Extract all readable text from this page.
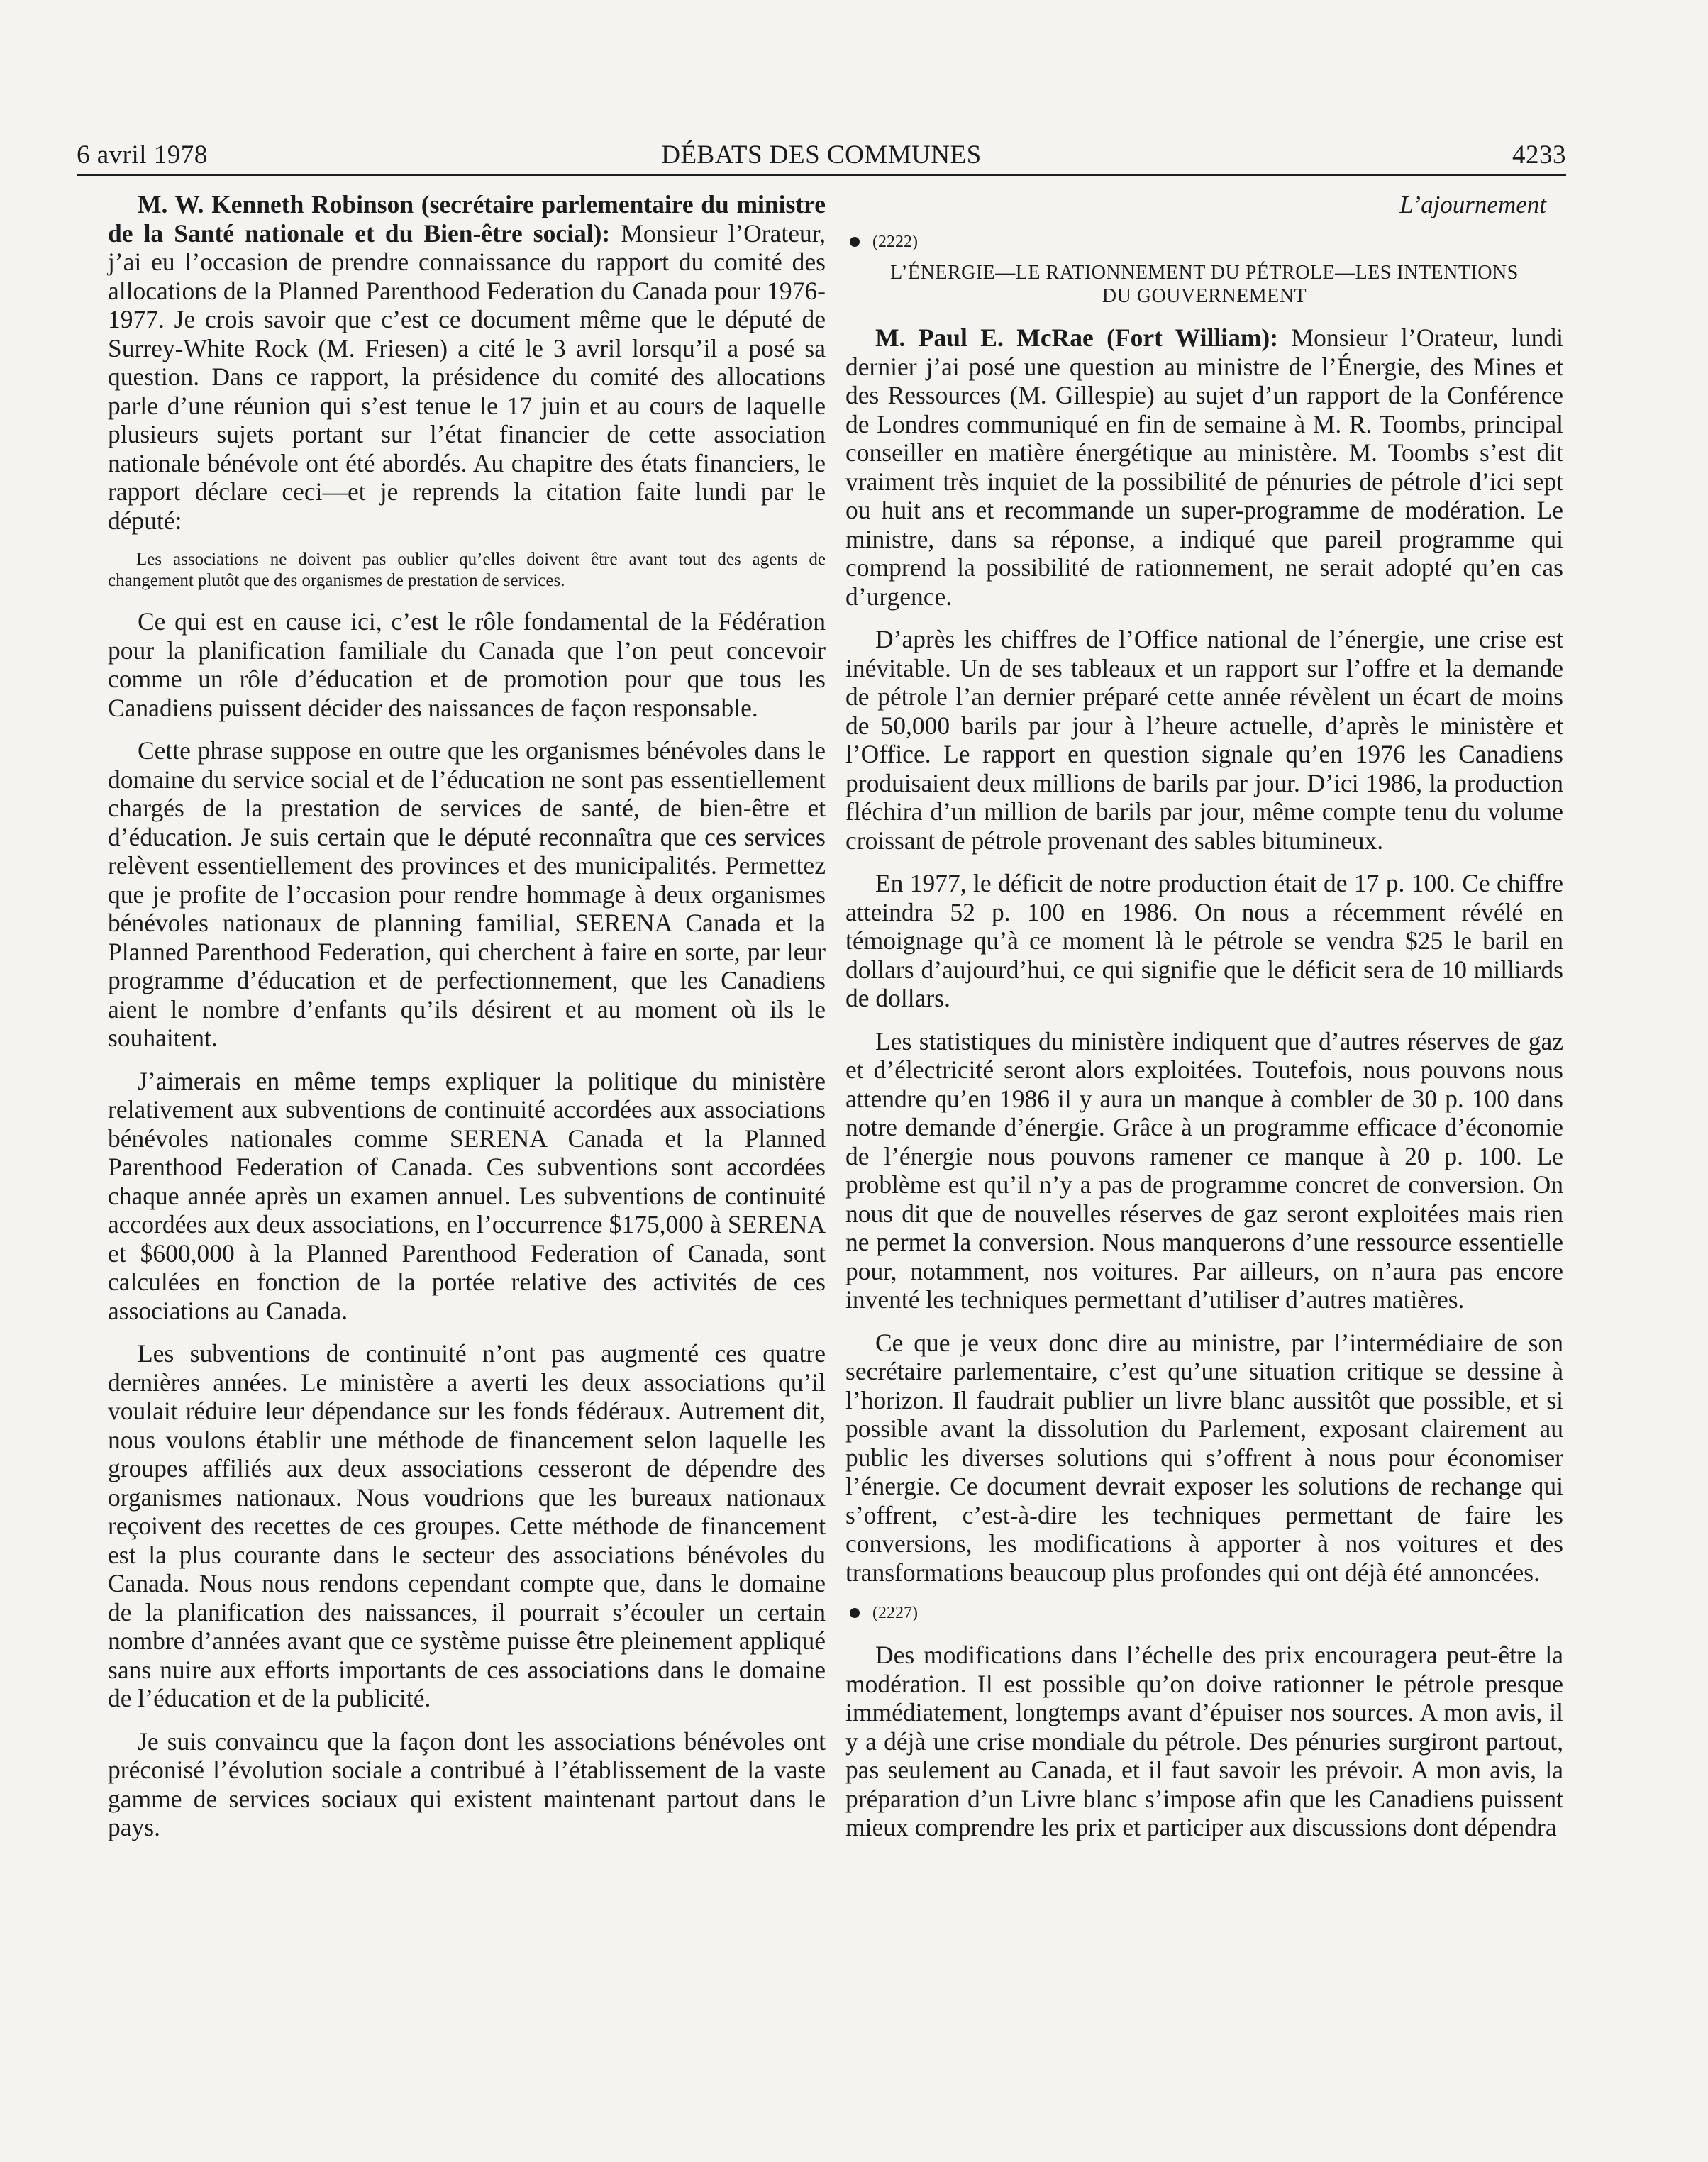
6 avril 1978	DÉBATS DES COMMUNES	4233

M. W. Kenneth Robinson (secrétaire parlementaire du ministre de la Santé nationale et du Bien-être social): Monsieur l’Orateur, j’ai eu l’occasion de prendre connaissance du rapport du comité des allocations de la Planned Parenthood Federation du Canada pour 1976-1977. Je crois savoir que c’est ce document même que le député de Surrey-White Rock (M. Friesen) a cité le 3 avril lorsqu’il a posé sa question. Dans ce rapport, la présidence du comité des allocations parle d’une réunion qui s’est tenue le 17 juin et au cours de laquelle plusieurs sujets portant sur l’état financier de cette association nationale bénévole ont été abordés. Au chapitre des états financiers, le rapport déclare ceci—et je reprends la citation faite lundi par le député:

Les associations ne doivent pas oublier qu’elles doivent être avant tout des agents de changement plutôt que des organismes de prestation de services.

Ce qui est en cause ici, c’est le rôle fondamental de la Fédération pour la planification familiale du Canada que l’on peut concevoir comme un rôle d’éducation et de promotion pour que tous les Canadiens puissent décider des naissances de façon responsable.

Cette phrase suppose en outre que les organismes bénévoles dans le domaine du service social et de l’éducation ne sont pas essentiellement chargés de la prestation de services de santé, de bien-être et d’éducation. Je suis certain que le député reconnaîtra que ces services relèvent essentiellement des provinces et des municipalités. Permettez que je profite de l’occasion pour rendre hommage à deux organismes bénévoles nationaux de planning familial, SERENA Canada et la Planned Parenthood Federation, qui cherchent à faire en sorte, par leur programme d’éducation et de perfectionnement, que les Canadiens aient le nombre d’enfants qu’ils désirent et au moment où ils le souhaitent.

J’aimerais en même temps expliquer la politique du ministère relativement aux subventions de continuité accordées aux associations bénévoles nationales comme SERENA Canada et la Planned Parenthood Federation of Canada. Ces subventions sont accordées chaque année après un examen annuel. Les subventions de continuité accordées aux deux associations, en l’occurrence $175,000 à SERENA et $600,000 à la Planned Parenthood Federation of Canada, sont calculées en fonction de la portée relative des activités de ces associations au Canada.

Les subventions de continuité n’ont pas augmenté ces quatre dernières années. Le ministère a averti les deux associations qu’il voulait réduire leur dépendance sur les fonds fédéraux. Autrement dit, nous voulons établir une méthode de financement selon laquelle les groupes affiliés aux deux associations cesseront de dépendre des organismes nationaux. Nous voudrions que les bureaux nationaux reçoivent des recettes de ces groupes. Cette méthode de financement est la plus courante dans le secteur des associations bénévoles du Canada. Nous nous rendons cependant compte que, dans le domaine de la planification des naissances, il pourrait s’écouler un certain nombre d’années avant que ce système puisse être pleinement appliqué sans nuire aux efforts importants de ces associations dans le domaine de l’éducation et de la publicité.

Je suis convaincu que la façon dont les associations bénévoles ont préconisé l’évolution sociale a contribué à l’établissement de la vaste gamme de services sociaux qui existent maintenant partout dans le pays.

L’ajournement
(2222)
L’ÉNERGIE—LE RATIONNEMENT DU PÉTROLE—LES INTENTIONS
DU GOUVERNEMENT

M. Paul E. McRae (Fort William): Monsieur l’Orateur, lundi dernier j’ai posé une question au ministre de l’Énergie, des Mines et des Ressources (M. Gillespie) au sujet d’un rapport de la Conférence de Londres communiqué en fin de semaine à M. R. Toombs, principal conseiller en matière énergétique au ministère. M. Toombs s’est dit vraiment très inquiet de la possibilité de pénuries de pétrole d’ici sept ou huit ans et recommande un super-programme de modération. Le ministre, dans sa réponse, a indiqué que pareil programme qui comprend la possibilité de rationnement, ne serait adopté qu’en cas d’urgence.

D’après les chiffres de l’Office national de l’énergie, une crise est inévitable. Un de ses tableaux et un rapport sur l’offre et la demande de pétrole l’an dernier préparé cette année révèlent un écart de moins de 50,000 barils par jour à l’heure actuelle, d’après le ministère et l’Office. Le rapport en question signale qu’en 1976 les Canadiens produisaient deux millions de barils par jour. D’ici 1986, la production fléchira d’un million de barils par jour, même compte tenu du volume croissant de pétrole provenant des sables bitumineux.

En 1977, le déficit de notre production était de 17 p. 100. Ce chiffre atteindra 52 p. 100 en 1986. On nous a récemment révélé en témoignage qu’à ce moment là le pétrole se vendra $25 le baril en dollars d’aujourd’hui, ce qui signifie que le déficit sera de 10 milliards de dollars.

Les statistiques du ministère indiquent que d’autres réserves de gaz et d’électricité seront alors exploitées. Toutefois, nous pouvons nous attendre qu’en 1986 il y aura un manque à combler de 30 p. 100 dans notre demande d’énergie. Grâce à un programme efficace d’économie de l’énergie nous pouvons ramener ce manque à 20 p. 100. Le problème est qu’il n’y a pas de programme concret de conversion. On nous dit que de nouvelles réserves de gaz seront exploitées mais rien ne permet la conversion. Nous manquerons d’une ressource essentielle pour, notamment, nos voitures. Par ailleurs, on n’aura pas encore inventé les techniques permettant d’utiliser d’autres matières.

Ce que je veux donc dire au ministre, par l’intermédiaire de son secrétaire parlementaire, c’est qu’une situation critique se dessine à l’horizon. Il faudrait publier un livre blanc aussitôt que possible, et si possible avant la dissolution du Parlement, exposant clairement au public les diverses solutions qui s’offrent à nous pour économiser l’énergie. Ce document devrait exposer les solutions de rechange qui s’offrent, c’est-à-dire les techniques permettant de faire les conversions, les modifications à apporter à nos voitures et des transformations beaucoup plus profondes qui ont déjà été annoncées.

(2227)

Des modifications dans l’échelle des prix encouragera peut-être la modération. Il est possible qu’on doive rationner le pétrole presque immédiatement, longtemps avant d’épuiser nos sources. A mon avis, il y a déjà une crise mondiale du pétrole. Des pénuries surgiront partout, pas seulement au Canada, et il faut savoir les prévoir. A mon avis, la préparation d’un Livre blanc s’impose afin que les Canadiens puissent mieux comprendre les prix et participer aux discussions dont dépendra
